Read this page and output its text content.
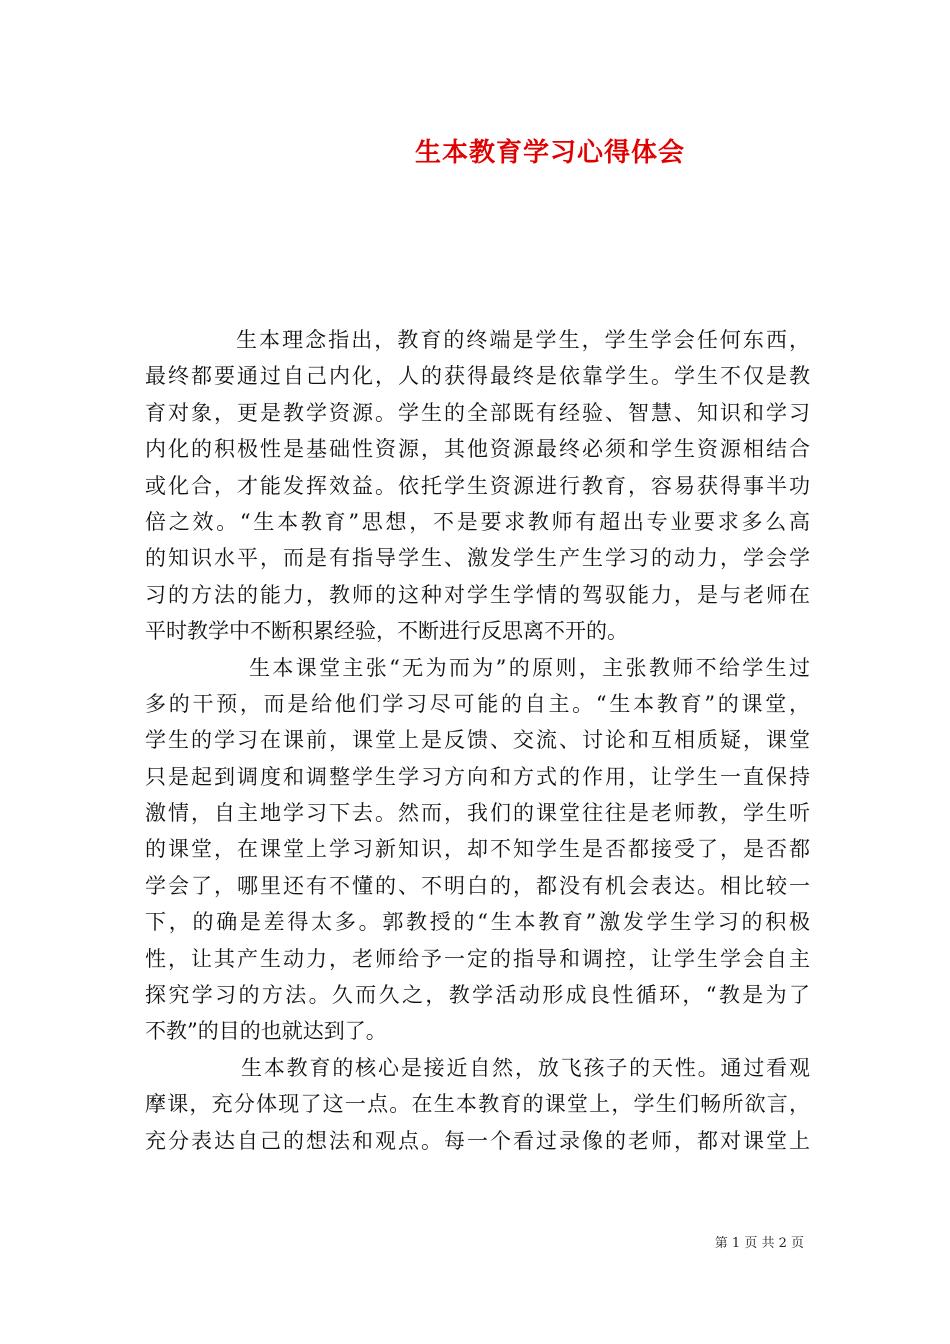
生本教育学习心得体会
生本理念指出，教育的终端是学生，学生学会任何东西，
最终都要通过自己内化，人的获得最终是依靠学生。学生不仅是教
育对象，更是教学资源。学生的全部既有经验、智慧、知识和学习
内化的积极性是基础性资源，其他资源最终必须和学生资源相结合
或化合，才能发挥效益。依托学生资源进行教育，容易获得事半功
倍之效。“生本教育”思想，不是要求教师有超出专业要求多么高
的知识水平，而是有指导学生、激发学生产生学习的动力，学会学
习的方法的能力，教师的这种对学生学情的驾驭能力，是与老师在
平时教学中不断积累经验，不断进行反思离不开的。
生本课堂主张“无为而为”的原则，主张教师不给学生过
多的干预，而是给他们学习尽可能的自主。“生本教育”的课堂，
学生的学习在课前，课堂上是反馈、交流、讨论和互相质疑，课堂
只是起到调度和调整学生学习方向和方式的作用，让学生一直保持
激情，自主地学习下去。然而，我们的课堂往往是老师教，学生听
的课堂，在课堂上学习新知识，却不知学生是否都接受了，是否都
学会了，哪里还有不懂的、不明白的，都没有机会表达。相比较一
下，的确是差得太多。郭教授的“生本教育”激发学生学习的积极
性，让其产生动力，老师给予一定的指导和调控，让学生学会自主
探究学习的方法。久而久之，教学活动形成良性循环，“教是为了
不教”的目的也就达到了。
生本教育的核心是接近自然，放飞孩子的天性。通过看观
摩课，充分体现了这一点。在生本教育的课堂上，学生们畅所欲言，
充分表达自己的想法和观点。每一个看过录像的老师，都对课堂上
第 1 页 共 2 页
